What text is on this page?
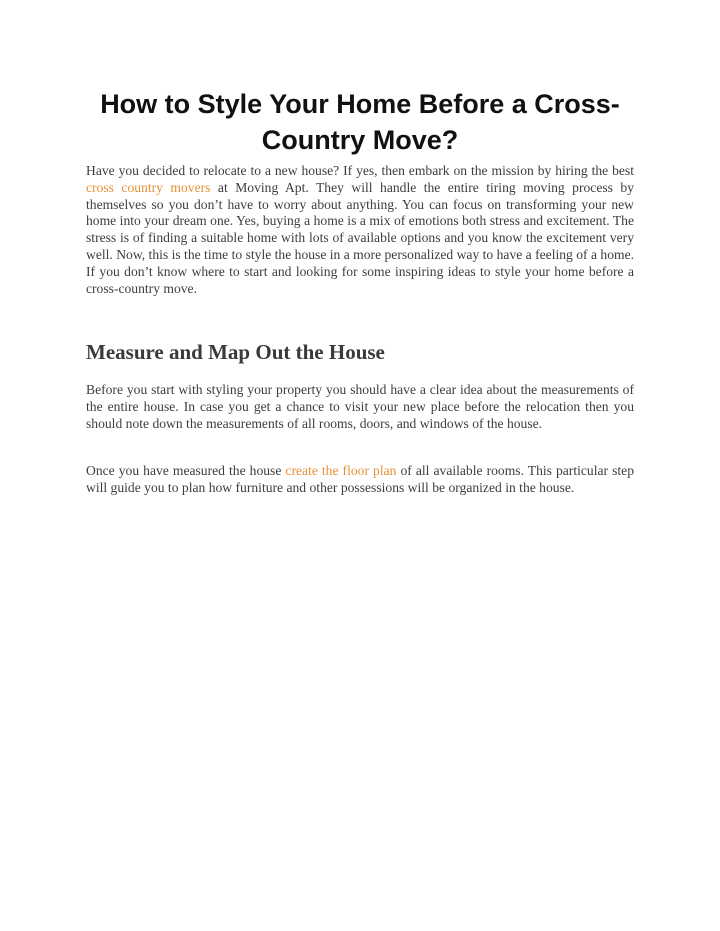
How to Style Your Home Before a Cross-Country Move?

Have you decided to relocate to a new house? If yes, then embark on the mission by hiring the best cross country movers at Moving Apt. They will handle the entire tiring moving process by themselves so you don’t have to worry about anything. You can focus on transforming your new home into your dream one. Yes, buying a home is a mix of emotions both stress and excitement. The stress is of finding a suitable home with lots of available options and you know the excitement very well. Now, this is the time to style the house in a more personalized way to have a feeling of a home. If you don’t know where to start and looking for some inspiring ideas to style your home before a cross-country move.

Measure and Map Out the House

Before you start with styling your property you should have a clear idea about the measurements of the entire house. In case you get a chance to visit your new place before the relocation then you should note down the measurements of all rooms, doors, and windows of the house.

Once you have measured the house create the floor plan of all available rooms. This particular step will guide you to plan how furniture and other possessions will be organized in the house.
